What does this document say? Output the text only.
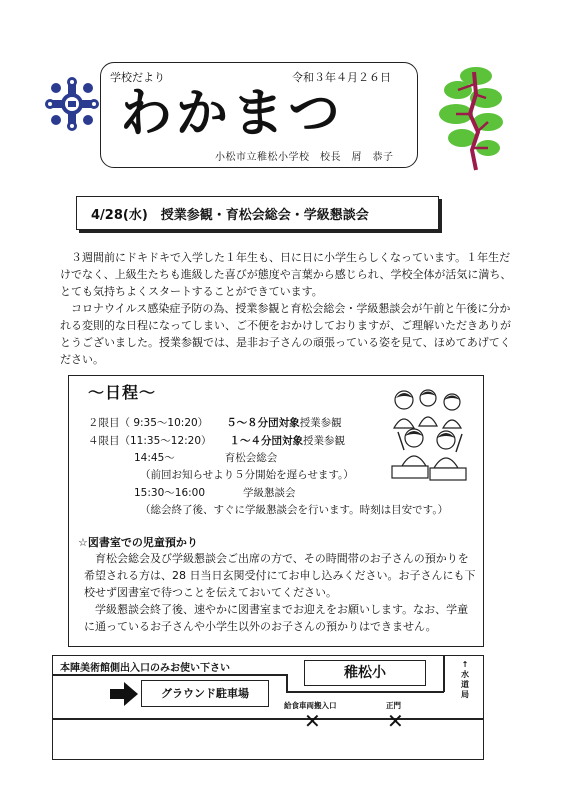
学校だより	令和３年４月２６日
わかまつ
小松市立稚松小学校　校長　屑　恭子
4/28(水)　授業参観・育松会総会・学級懇談会

３週間前にドキドキで入学した１年生も、日に日に小学生らしくなっています。１年生だけでなく、上級生たちも進級した喜びが態度や言葉から感じられ、学校全体が活気に満ち、とても気持ちよくスタートすることができています。

コロナウイルス感染症予防の為、授業参観と育松会総会・学級懇談会が午前と午後に分かれる変則的な日程になってしまい、ご不便をおかけしておりますが、ご理解いただきありがとうございました。授業参観では、是非お子さんの頑張っている姿を見て、ほめてあげてください。

～日程～
２限目（ 9:35～10:20） ５～８分団対象授業参観
４限目（11:35～12:20） １～４分団対象授業参観
14:45～	育松会総会
（前回お知らせより５分開始を遅らせます。）
15:30～16:00	学級懇談会
（総会終了後、すぐに学級懇談会を行います。時刻は目安です。）
☆図書室での児童預かり

育松会総会及び学級懇談会ご出席の方で、その時間帯のお子さんの預かりを希望される方は、28 日当日玄関受付にてお申し込みください。お子さんにも下校せず図書室で待つことを伝えておいてください。

学級懇談会終了後、速やかに図書室までお迎えをお願いします。なお、学童に通っているお子さんや小学生以外のお子さんの預かりはできません。

本陣美術館側出入口のみお使い下さい	稚松小
↑水道局
グラウンド駐車場
給食車両搬入口
✕
正門
✕
